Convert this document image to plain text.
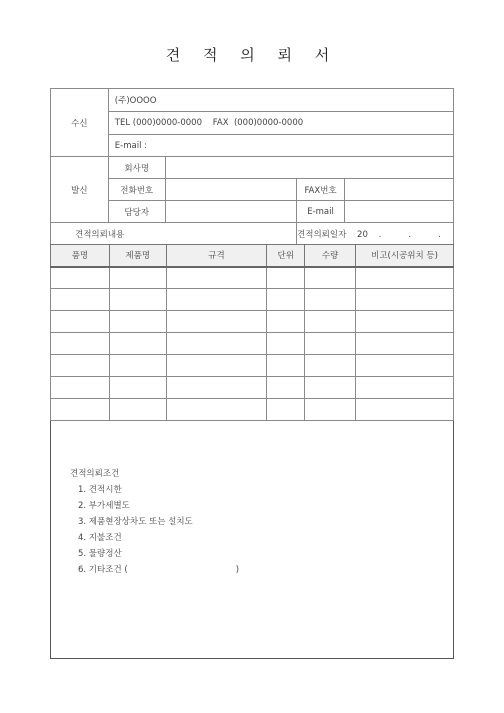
견 적 의 뢰 서
수신	(주)OOOO			
	TEL (000)0000-0000    FAX  (000)0000-0000			
	E-mail :			
발신	회사명			
	전화번호		FAX번호	
	담당자		E-mail	
견적의뢰내용			견적의뢰일자 20    .          .          .	
품명	제품명	규격	단위	수량	비고(시공위치 등)

견적의뢰조건
1. 견적시한
2. 부가세별도
3. 제품현장상차도 또는 설치도
4. 지불조건
5. 물량정산
6. 기타조건 (                                        )
